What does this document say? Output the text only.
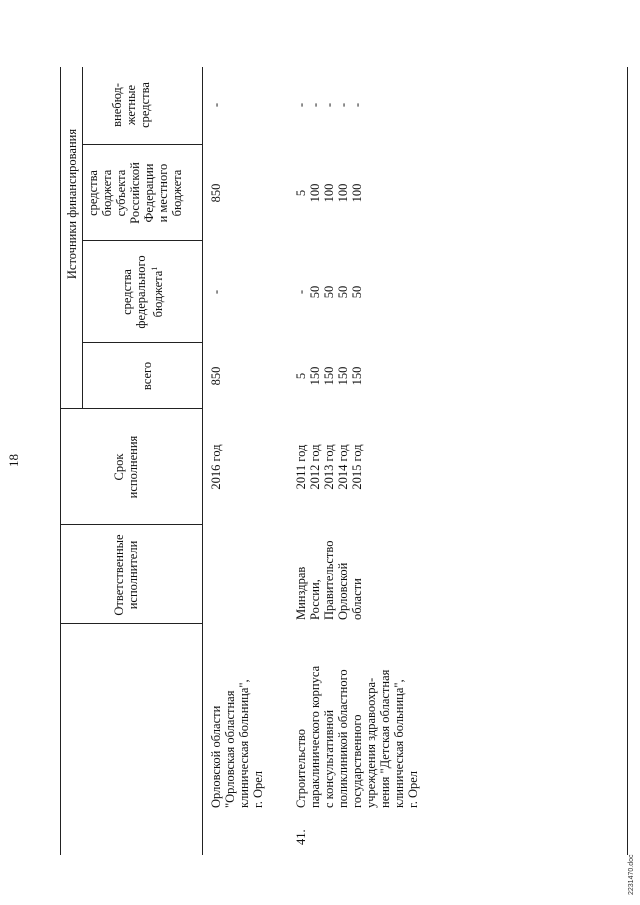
18
Ответственные исполнители
Срок исполнения
Источники финансирования
всего
средства федерального бюджета$^1$
средства бюджета субъекта Российской Федерации и местного бюджета
внебюд- жетные средства
Орловской области "Орловская областная клиническая больница", г. Орел
2016 год
850
-
850
-
41.
Строительство параклинического корпуса с консультативной поликлиникой областного государственного учреждения здравоохра- нения "Детская областная клиническая больница", г. Орел
Минздрав России, Правительство Орловской области
2011 год 2012 год 2013 год 2014 год 2015 год
5 150 150 150 150
- 50 50 50 50
5 100 100 100 100
- - - - -
2231470.doc
